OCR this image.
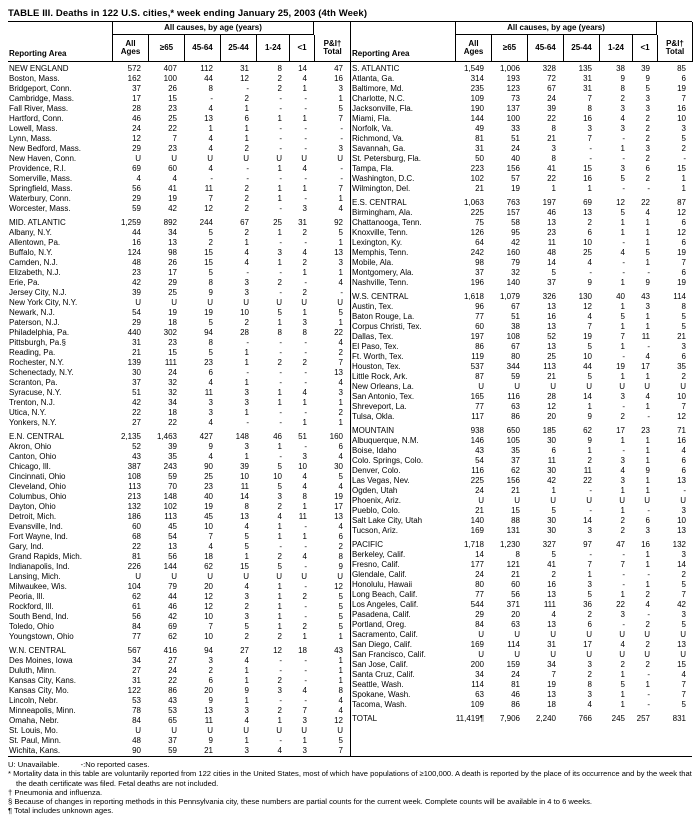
TABLE III. Deaths in 122 U.S. cities,* week ending January 25, 2003 (4th Week)
All causes, by age (years)
Reporting Area
All Ages	≥65	45-64	25-44	1-24	<1	P&I† Total
NEW ENGLAND	572	407	112	31	8	14	47
Boston, Mass.	162	100	44	12	2	4	16
Bridgeport, Conn.	37	26	8	-	2	1	3
Cambridge, Mass.	17	15	-	2	-	-	1
Fall River, Mass.	28	23	4	1	-	-	5
Hartford, Conn.	46	25	13	6	1	1	7
Lowell, Mass.	24	22	1	1	-	-	-
Lynn, Mass.	12	7	4	1	-	-	-
New Bedford, Mass.	29	23	4	2	-	-	3
New Haven, Conn.	U	U	U	U	U	U	U
Providence, R.I.	69	60	4	-	1	4	-
Somerville, Mass.	4	4	-	-	-	-	-
Springfield, Mass.	56	41	11	2	1	1	7
Waterbury, Conn.	29	19	7	2	1	-	1
Worcester, Mass.	59	42	12	2	-	3	4
MID. ATLANTIC	1,259	892	244	67	25	31	92
Albany, N.Y.	44	34	5	2	1	2	5
Allentown, Pa.	16	13	2	1	-	-	1
Buffalo, N.Y.	124	98	15	4	3	4	13
Camden, N.J.	48	26	15	4	1	2	3
Elizabeth, N.J.	23	17	5	-	-	1	1
Erie, Pa.	42	29	8	3	2	-	4
Jersey City, N.J.	39	25	9	3	-	2	-
New York City, N.Y.	U	U	U	U	U	U	U
Newark, N.J.	54	19	19	10	5	1	5
Paterson, N.J.	29	18	5	2	1	3	1
Philadelphia, Pa.	440	302	94	28	8	8	22
Pittsburgh, Pa.§	31	23	8	-	-	-	4
Reading, Pa.	21	15	5	1	-	-	2
Rochester, N.Y.	139	111	23	1	2	2	7
Schenectady, N.Y.	30	24	6	-	-	-	13
Scranton, Pa.	37	32	4	1	-	-	4
Syracuse, N.Y.	51	32	11	3	1	4	3
Trenton, N.J.	42	34	3	3	1	1	1
Utica, N.Y.	22	18	3	1	-	-	2
Yonkers, N.Y.	27	22	4	-	-	1	1
E.N. CENTRAL	2,135	1,463	427	148	46	51	160
Akron, Ohio	52	39	9	3	1	-	6
Canton, Ohio	43	35	4	1	-	3	4
Chicago, Ill.	387	243	90	39	5	10	30
Cincinnati, Ohio	108	59	25	10	10	4	5
Cleveland, Ohio	113	70	23	11	5	4	4
Columbus, Ohio	213	148	40	14	3	8	19
Dayton, Ohio	132	102	19	8	2	1	17
Detroit, Mich.	186	113	45	13	4	11	13
Evansville, Ind.	60	45	10	4	1	-	4
Fort Wayne, Ind.	68	54	7	5	1	1	6
Gary, Ind.	22	13	4	5	-	-	2
Grand Rapids, Mich.	81	56	18	1	2	4	8
Indianapolis, Ind.	226	144	62	15	5	-	9
Lansing, Mich.	U	U	U	U	U	U	U
Milwaukee, Wis.	104	79	20	4	1	-	12
Peoria, Ill.	62	44	12	3	1	2	5
Rockford, Ill.	61	46	12	2	1	-	5
South Bend, Ind.	56	42	10	3	1	-	5
Toledo, Ohio	84	69	7	5	1	2	5
Youngstown, Ohio	77	62	10	2	2	1	1
W.N. CENTRAL	567	416	94	27	12	18	43
Des Moines, Iowa	34	27	3	4	-	-	1
Duluth, Minn.	27	24	2	1	-	-	1
Kansas City, Kans.	31	22	6	1	2	-	1
Kansas City, Mo.	122	86	20	9	3	4	8
Lincoln, Nebr.	53	43	9	1	-	-	4
Minneapolis, Minn.	78	53	13	3	2	7	4
Omaha, Nebr.	84	65	11	4	1	3	12
St. Louis, Mo.	U	U	U	U	U	U	U
St. Paul, Minn.	48	37	9	1	-	1	5
Wichita, Kans.	90	59	21	3	4	3	7
All causes, by age (years)
Reporting Area
All Ages	≥65	45-64	25-44	1-24	<1	P&I† Total
S. ATLANTIC	1,549	1,006	328	135	38	39	85
Atlanta, Ga.	314	193	72	31	9	9	6
Baltimore, Md.	235	123	67	31	8	5	19
Charlotte, N.C.	109	73	24	7	2	3	7
Jacksonville, Fla.	190	137	39	8	3	3	16
Miami, Fla.	144	100	22	16	4	2	10
Norfolk, Va.	49	33	8	3	3	2	3
Richmond, Va.	81	51	21	7	-	2	5
Savannah, Ga.	31	24	3	-	1	3	2
St. Petersburg, Fla.	50	40	8	-	-	2	-
Tampa, Fla.	223	156	41	15	3	6	15
Washington, D.C.	102	57	22	16	5	2	1
Wilmington, Del.	21	19	1	1	-	-	1
E.S. CENTRAL	1,063	763	197	69	12	22	87
Birmingham, Ala.	225	157	46	13	5	4	12
Chattanooga, Tenn.	75	58	13	2	1	1	6
Knoxville, Tenn.	126	95	23	6	1	1	12
Lexington, Ky.	64	42	11	10	-	1	6
Memphis, Tenn.	242	160	48	25	4	5	19
Mobile, Ala.	98	79	14	4	-	1	7
Montgomery, Ala.	37	32	5	-	-	-	6
Nashville, Tenn.	196	140	37	9	1	9	19
W.S. CENTRAL	1,618	1,079	326	130	40	43	114
Austin, Tex.	96	67	13	12	1	3	8
Baton Rouge, La.	77	51	16	4	5	1	5
Corpus Christi, Tex.	60	38	13	7	1	1	5
Dallas, Tex.	197	108	52	19	7	11	21
El Paso, Tex.	86	67	13	5	1	-	3
Ft. Worth, Tex.	119	80	25	10	-	4	6
Houston, Tex.	537	344	113	44	19	17	35
Little Rock, Ark.	87	59	21	5	1	1	2
New Orleans, La.	U	U	U	U	U	U	U
San Antonio, Tex.	165	116	28	14	3	4	10
Shreveport, La.	77	63	12	1	-	1	7
Tulsa, Okla.	117	86	20	9	2	-	12
MOUNTAIN	938	650	185	62	17	23	71
Albuquerque, N.M.	146	105	30	9	1	1	16
Boise, Idaho	43	35	6	1	-	1	4
Colo. Springs, Colo.	54	37	11	2	3	1	6
Denver, Colo.	116	62	30	11	4	9	6
Las Vegas, Nev.	225	156	42	22	3	1	13
Ogden, Utah	24	21	1	-	1	1	-
Phoenix, Ariz.	U	U	U	U	U	U	U
Pueblo, Colo.	21	15	5	-	1	-	3
Salt Lake City, Utah	140	88	30	14	2	6	10
Tucson, Ariz.	169	131	30	3	2	3	13
PACIFIC	1,718	1,230	327	97	47	16	132
Berkeley, Calif.	14	8	5	-	-	1	3
Fresno, Calif.	177	121	41	7	7	1	14
Glendale, Calif.	24	21	2	1	-	-	2
Honolulu, Hawaii	80	60	16	3	-	1	5
Long Beach, Calif.	77	56	13	5	1	2	7
Los Angeles, Calif.	544	371	111	36	22	4	42
Pasadena, Calif.	29	20	4	2	3	-	3
Portland, Oreg.	84	63	13	6	-	2	5
Sacramento, Calif.	U	U	U	U	U	U	U
San Diego, Calif.	169	114	31	17	4	2	13
San Francisco, Calif.	U	U	U	U	U	U	U
San Jose, Calif.	200	159	34	3	2	2	15
Santa Cruz, Calif.	34	24	7	2	1	-	4
Seattle, Wash.	114	81	19	8	5	1	7
Spokane, Wash.	63	46	13	3	1	-	7
Tacoma, Wash.	109	86	18	4	1	-	5
TOTAL	11,419¶	7,906	2,240	766	245	257	831
U: Unavailable.          -:No reported cases.
* Mortality data in this table are voluntarily reported from 122 cities in the United States, most of which have populations of ≥100,000. A death is reported by the place of its occurrence and by the week that the death certificate was filed. Fetal deaths are not included.
† Pneumonia and influenza.
§ Because of changes in reporting methods in this Pennsylvania city, these numbers are partial counts for the current week. Complete counts will be available in 4 to 6 weeks.
¶ Total includes unknown ages.
